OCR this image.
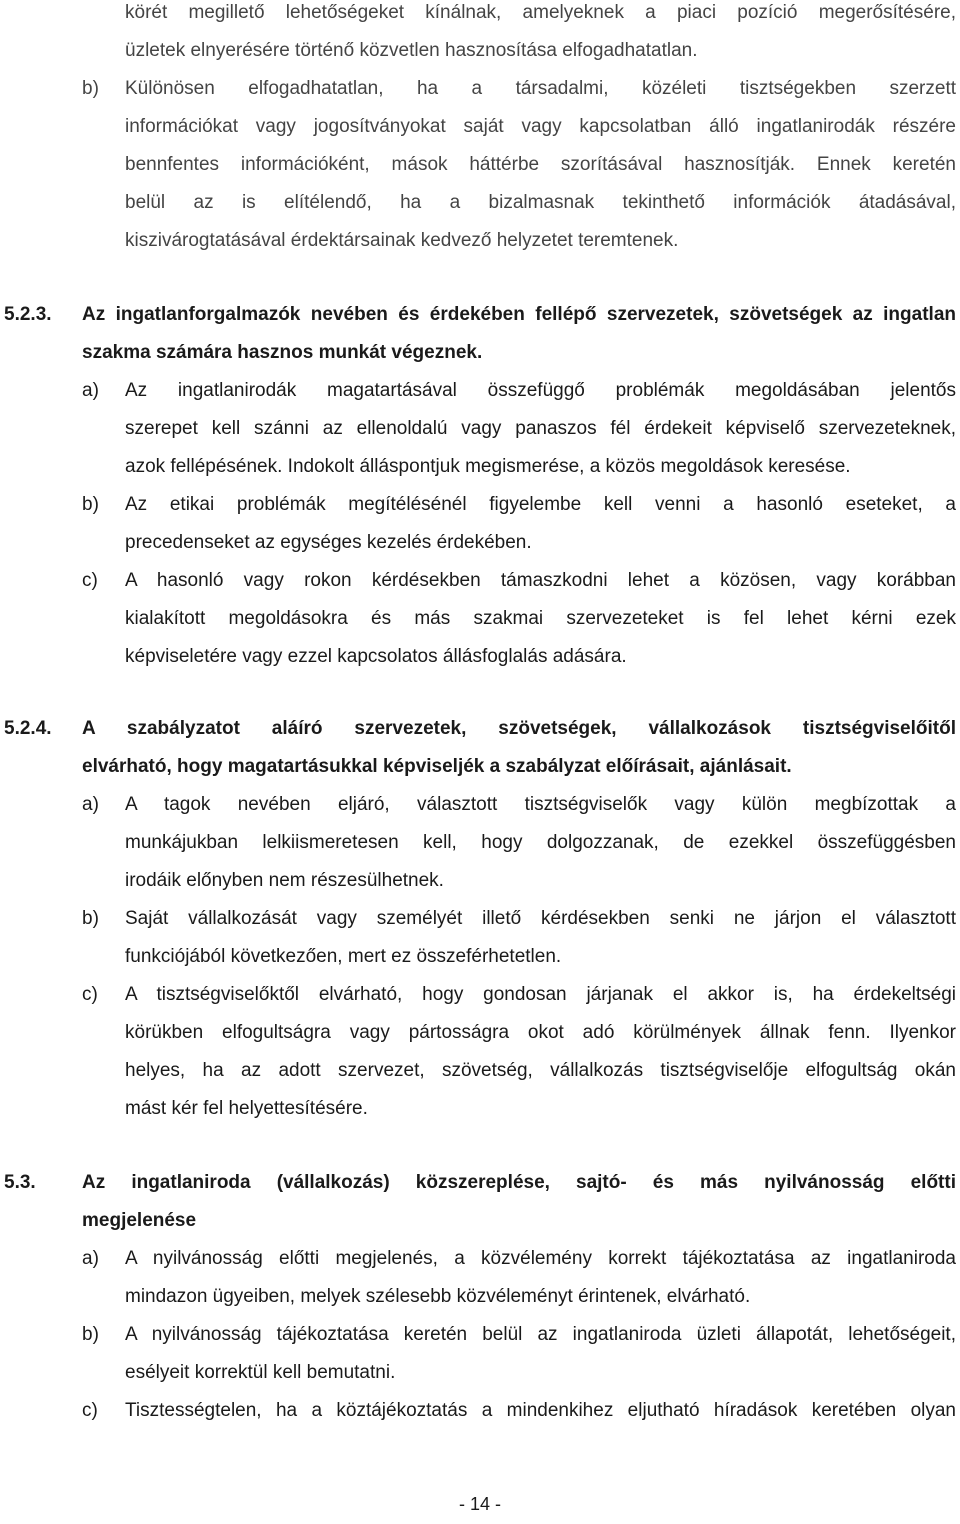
körét megillető lehetőségeket kínálnak, amelyeknek a piaci pozíció megerősítésére,
üzletek elnyerésére történő közvetlen hasznosítása elfogadhatatlan.
b) Különösen elfogadhatatlan, ha a társadalmi, közéleti tisztségekben szerzett
információkat vagy jogosítványokat saját vagy kapcsolatban álló ingatlanirodák részére
bennfentes információként, mások háttérbe szorításával hasznosítják. Ennek keretén
belül az is elítélendő, ha a bizalmasnak tekinthető információk átadásával,
kiszivárogtatásával érdektársainak kedvező helyzetet teremtenek.
5.2.3. Az ingatlanforgalmazók nevében és érdekében fellépő szervezetek, szövetségek az ingatlan
szakma számára hasznos munkát végeznek.
a) Az ingatlanirodák magatartásával összefüggő problémák megoldásában jelentős
szerepet kell szánni az ellenoldalú vagy panaszos fél érdekeit képviselő szervezeteknek,
azok fellépésének. Indokolt álláspontjuk megismerése, a közös megoldások keresése.
b) Az etikai problémák megítélésénél figyelembe kell venni a hasonló eseteket, a
precedenseket az egységes kezelés érdekében.
c) A hasonló vagy rokon kérdésekben támaszkodni lehet a közösen, vagy korábban
kialakított megoldásokra és más szakmai szervezeteket is fel lehet kérni ezek
képviseletére vagy ezzel kapcsolatos állásfoglalás adására.
5.2.4. A szabályzatot aláíró szervezetek, szövetségek, vállalkozások tisztségviselőitől
elvárható, hogy magatartásukkal képviseljék a szabályzat előírásait, ajánlásait.
a) A tagok nevében eljáró, választott tisztségviselők vagy külön megbízottak a
munkájukban lelkiismeretesen kell, hogy dolgozzanak, de ezekkel összefüggésben
irodáik előnyben nem részesülhetnek.
b) Saját vállalkozását vagy személyét illető kérdésekben senki ne járjon el választott
funkciójából következően, mert ez összeférhetetlen.
c) A tisztségviselőktől elvárható, hogy gondosan járjanak el akkor is, ha érdekeltségi
körükben elfogultságra vagy pártosságra okot adó körülmények állnak fenn. Ilyenkor
helyes, ha az adott szervezet, szövetség, vállalkozás tisztségviselője elfogultság okán
mást kér fel helyettesítésére.
5.3. Az ingatlaniroda (vállalkozás) közszereplése, sajtó- és más nyilvánosság előtti
megjelenése
a) A nyilvánosság előtti megjelenés, a közvélemény korrekt tájékoztatása az ingatlaniroda
mindazon ügyeiben, melyek szélesebb közvéleményt érintenek, elvárható.
b) A nyilvánosság tájékoztatása keretén belül az ingatlaniroda üzleti állapotát, lehetőségeit,
esélyeit korrektül kell bemutatni.
c) Tisztességtelen, ha a köztájékoztatás a mindenkihez eljutható híradások keretében olyan
- 14 -
